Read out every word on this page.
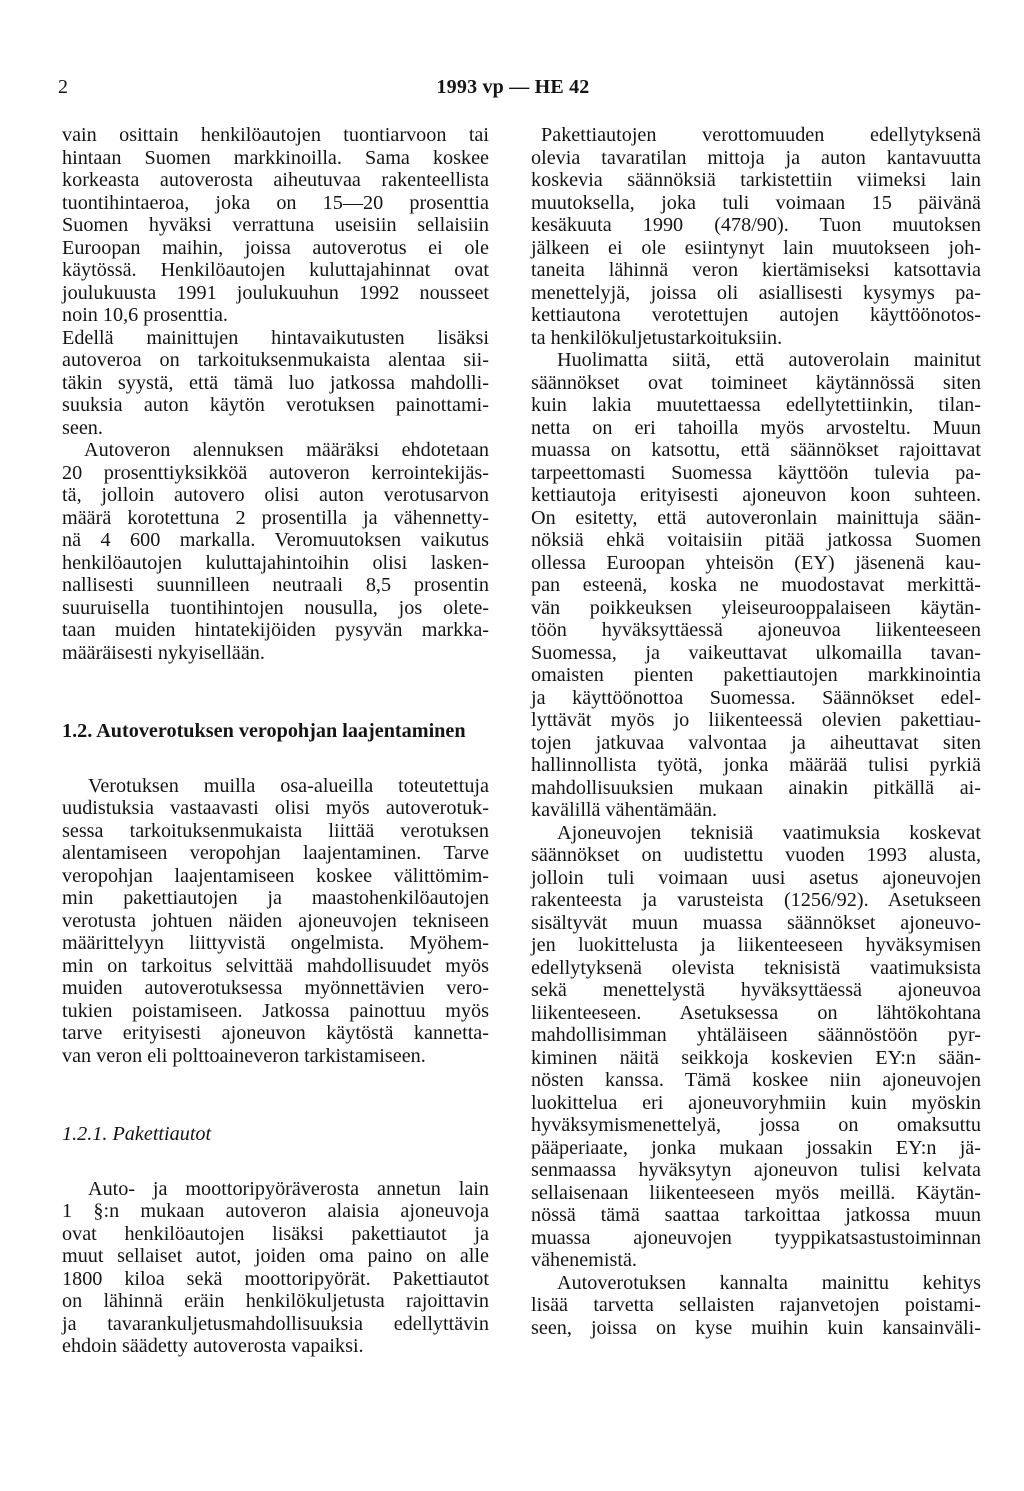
2	1993 vp — HE 42
vain osittain henkilöautojen tuontiarvoon tai
hintaan Suomen markkinoilla. Sama koskee
korkeasta autoverosta aiheutuvaa rakenteellista
tuontihintaeroa, joka on 15—20 prosenttia
Suomen hyväksi verrattuna useisiin sellaisiin
Euroopan maihin, joissa autoverotus ei ole
käytössä. Henkilöautojen kuluttajahinnat ovat
joulukuusta 1991 joulukuuhun 1992 nousseet
noin 10,6 prosenttia.
Edellä mainittujen hintavaikutusten lisäksi
autoveroa on tarkoituksenmukaista alentaa sii-
täkin syystä, että tämä luo jatkossa mahdolli-
suuksia auton käytön verotuksen painottami-
seen.
Autoveron alennuksen määräksi ehdotetaan
20 prosenttiyksikköä autoveron kerrointekijäs-
tä, jolloin autovero olisi auton verotusarvon
määrä korotettuna 2 prosentilla ja vähennetty-
nä 4 600 markalla. Veromuutoksen vaikutus
henkilöautojen kuluttajahintoihin olisi lasken-
nallisesti suunnilleen neutraali 8,5 prosentin
suuruisella tuontihintojen nousulla, jos olete-
taan muiden hintatekijöiden pysyvän markka-
määräisesti nykyisellään.
1.2. Autoverotuksen veropohjan laajentaminen
Verotuksen muilla osa-alueilla toteutettuja
uudistuksia vastaavasti olisi myös autoverotuk-
sessa tarkoituksenmukaista liittää verotuksen
alentamiseen veropohjan laajentaminen. Tarve
veropohjan laajentamiseen koskee välittömim-
min pakettiautojen ja maastohenkilöautojen
verotusta johtuen näiden ajoneuvojen tekniseen
määrittelyyn liittyvistä ongelmista. Myöhem-
min on tarkoitus selvittää mahdollisuudet myös
muiden autoverotuksessa myönnettävien vero-
tukien poistamiseen. Jatkossa painottuu myös
tarve erityisesti ajoneuvon käytöstä kannetta-
van veron eli polttoaineveron tarkistamiseen.
1.2.1. Pakettiautot
Auto- ja moottoripyöräverosta annetun lain
1 §:n mukaan autoveron alaisia ajoneuvoja
ovat henkilöautojen lisäksi pakettiautot ja
muut sellaiset autot, joiden oma paino on alle
1800 kiloa sekä moottoripyörät. Pakettiautot
on lähinnä eräin henkilökuljetusta rajoittavin
ja tavarankuljetusmahdollisuuksia edellyttävin
ehdoin säädetty autoverosta vapaiksi.
Pakettiautojen verottomuuden edellytyksenä
olevia tavaratilan mittoja ja auton kantavuutta
koskevia säännöksiä tarkistettiin viimeksi lain
muutoksella, joka tuli voimaan 15 päivänä
kesäkuuta 1990 (478/90). Tuon muutoksen
jälkeen ei ole esiintynyt lain muutokseen joh-
taneita lähinnä veron kiertämiseksi katsottavia
menettelyjä, joissa oli asiallisesti kysymys pa-
kettiautona verotettujen autojen käyttöönotos-
ta henkilökuljetustarkoituksiin.
Huolimatta siitä, että autoverolain mainitut
säännökset ovat toimineet käytännössä siten
kuin lakia muutettaessa edellytettiinkin, tilan-
netta on eri tahoilla myös arvosteltu. Muun
muassa on katsottu, että säännökset rajoittavat
tarpeettomasti Suomessa käyttöön tulevia pa-
kettiautoja erityisesti ajoneuvon koon suhteen.
On esitetty, että autoveronlain mainittuja sään-
nöksiä ehkä voitaisiin pitää jatkossa Suomen
ollessa Euroopan yhteisön (EY) jäsenenä kau-
pan esteenä, koska ne muodostavat merkittä-
vän poikkeuksen yleiseurooppalaiseen käytän-
töön hyväksyttäessä ajoneuvoa liikenteeseen
Suomessa, ja vaikeuttavat ulkomailla tavan-
omaisten pienten pakettiautojen markkinointia
ja käyttöönottoa Suomessa. Säännökset edel-
lyttävät myös jo liikenteessä olevien pakettiau-
tojen jatkuvaa valvontaa ja aiheuttavat siten
hallinnollista työtä, jonka määrää tulisi pyrkiä
mahdollisuuksien mukaan ainakin pitkällä ai-
kavälillä vähentämään.
Ajoneuvojen teknisiä vaatimuksia koskevat
säännökset on uudistettu vuoden 1993 alusta,
jolloin tuli voimaan uusi asetus ajoneuvojen
rakenteesta ja varusteista (1256/92). Asetukseen
sisältyvät muun muassa säännökset ajoneuvo-
jen luokittelusta ja liikenteeseen hyväksymisen
edellytyksenä olevista teknisistä vaatimuksista
sekä menettelystä hyväksyttäessä ajoneuvoa
liikenteeseen. Asetuksessa on lähtökohtana
mahdollisimman yhtäläiseen säännöstöön pyr-
kiminen näitä seikkoja koskevien EY:n sään-
nösten kanssa. Tämä koskee niin ajoneuvojen
luokittelua eri ajoneuvoryhmiin kuin myöskin
hyväksymismenettelyä, jossa on omaksuttu
pääperiaate, jonka mukaan jossakin EY:n jä-
senmaassa hyväksytyn ajoneuvon tulisi kelvata
sellaisenaan liikenteeseen myös meillä. Käytän-
nössä tämä saattaa tarkoittaa jatkossa muun
muassa ajoneuvojen tyyppikatsastustoiminnan
vähenemistä.
Autoverotuksen kannalta mainittu kehitys
lisää tarvetta sellaisten rajanvetojen poistami-
seen, joissa on kyse muihin kuin kansainväli-
